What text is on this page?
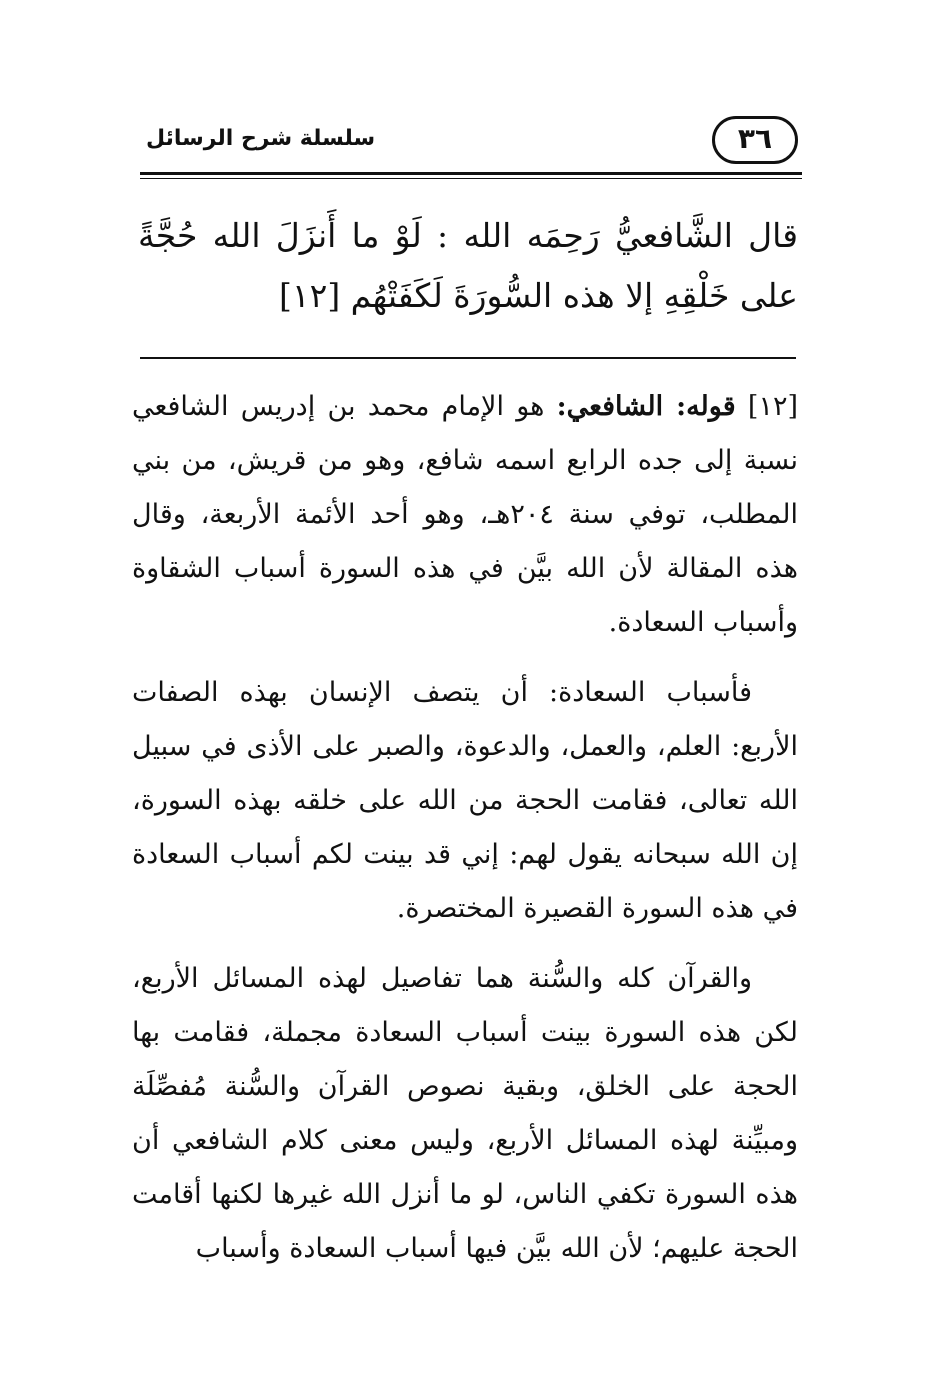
سلسلة شرح الرسائل	٣٦
قال الشَّافعيُّ رَحِمَه الله : لَوْ ما أَنزَلَ الله حُجَّةً على خَلْقِهِ إلا هذه السُّورَةَ لَكَفَتْهُم [١٢]

[١٢] قوله: الشافعي: هو الإمام محمد بن إدريس الشافعي نسبة إلى جده الرابع اسمه شافع، وهو من قريش، من بني المطلب، توفي سنة ٢٠٤هـ، وهو أحد الأئمة الأربعة، وقال هذه المقالة لأن الله بيَّن في هذه السورة أسباب الشقاوة وأسباب السعادة.

فأسباب السعادة: أن يتصف الإنسان بهذه الصفات الأربع: العلم، والعمل، والدعوة، والصبر على الأذى في سبيل الله تعالى، فقامت الحجة من الله على خلقه بهذه السورة، إن الله سبحانه يقول لهم: إني قد بينت لكم أسباب السعادة في هذه السورة القصيرة المختصرة.

والقرآن كله والسُّنة هما تفاصيل لهذه المسائل الأربع، لكن هذه السورة بينت أسباب السعادة مجملة، فقامت بها الحجة على الخلق، وبقية نصوص القرآن والسُّنة مُفصِّلَة ومبيِّنة لهذه المسائل الأربع، وليس معنى كلام الشافعي أن هذه السورة تكفي الناس، لو ما أنزل الله غيرها لكنها أقامت الحجة عليهم؛ لأن الله بيَّن فيها أسباب السعادة وأسباب
